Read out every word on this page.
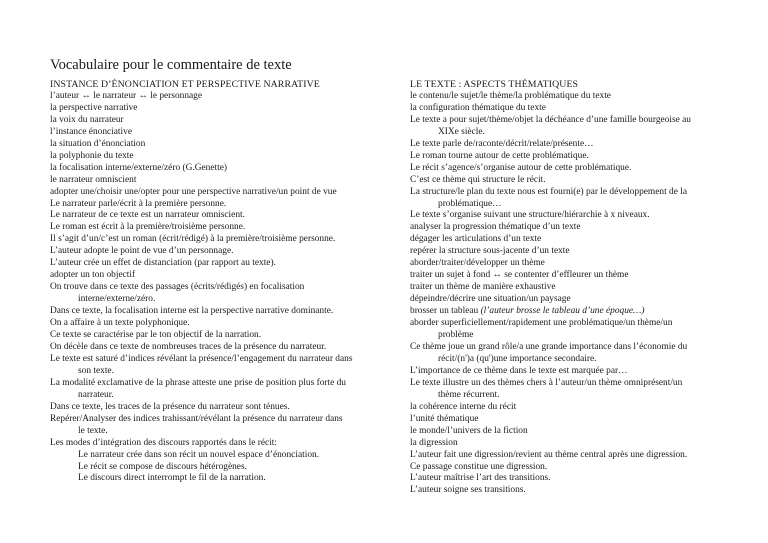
Vocabulaire pour le commentaire de texte
INSTANCE D’ÉNONCIATION ET PERSPECTIVE NARRATIVE
l’auteur ↔ le narrateur ↔ le personnage
la perspective narrative
la voix du narrateur
l’instance énonciative
la situation d’énonciation
la polyphonie du texte
la focalisation interne/externe/zéro (G.Genette)
le narrateur omniscient
adopter une/choisir une/opter pour une perspective narrative/un point de vue
Le narrateur parle/écrit à la première personne.
Le narrateur de ce texte est un narrateur omniscient.
Le roman est écrit à la première/troisième personne.
Il s’agit d’un/c’est un roman (écrit/rédigé) à la première/troisième personne.
L’auteur adopte le point de vue d’un personnage.
L’auteur crée un effet de distanciation (par rapport au texte).
adopter un ton objectif
On trouve dans ce texte des passages (écrits/rédigés) en focalisation
interne/externe/zéro.
Dans ce texte, la focalisation interne est la perspective narrative dominante.
On a affaire à un texte polyphonique.
Ce texte se caractérise par le ton objectif de la narration.
On décèle dans ce texte de nombreuses traces de la présence du narrateur.
Le texte est saturé d’indices révélant la présence/l’engagement du narrateur dans
son texte.
La modalité exclamative de la phrase atteste une prise de position plus forte du
narrateur.
Dans ce texte, les traces de la présence du narrateur sont ténues.
Repérer/Analyser des indices trahissant/révélant la présence du narrateur dans
le texte.
Les modes d’intégration des discours rapportés dans le récit:
Le narrateur crée dans son récit un nouvel espace d’énonciation.
Le récit se compose de discours hétérogènes.
Le discours direct interrompt le fil de la narration.
LE TEXTE : ASPECTS THÉMATIQUES
le contenu/le sujet/le thème/la problématique du texte
la configuration thématique du texte
Le texte a pour sujet/thème/objet la déchéance d’une famille bourgeoise au
XIXe siècle.
Le texte parle de/raconte/décrit/relate/présente…
Le roman tourne autour de cette problématique.
Le récit s’agence/s’organise autour de cette problématique.
C’est ce thème qui structure le récit.
La structure/le plan du texte nous est fourni(e) par le développement de la
problématique…
Le texte s’organise suivant une structure/hiérarchie à x niveaux.
analyser la progression thématique d’un texte
dégager les articulations d’un texte
repérer la structure sous-jacente d’un texte
aborder/traiter/développer un thème
traiter un sujet à fond ↔ se contenter d’effleurer un thème
traiter un thème de manière exhaustive
dépeindre/décrire une situation/un paysage
brosser un tableau (l’auteur brosse le tableau d’une époque…)
aborder superficiellement/rapidement une problématique/un thème/un
problème
Ce thème joue un grand rôle/a une grande importance dans l’économie du
récit/(n')a (qu')une importance secondaire.
L’importance de ce thème dans le texte est marquée par…
Le texte illustre un des thèmes chers à l’auteur/un thème omniprésent/un
thème récurrent.
la cohérence interne du récit
l’unité thématique
le monde/l’univers de la fiction
la digression
L’auteur fait une digression/revient au thème central après une digression.
Ce passage constitue une digression.
L’auteur maîtrise l’art des transitions.
L’auteur soigne ses transitions.
